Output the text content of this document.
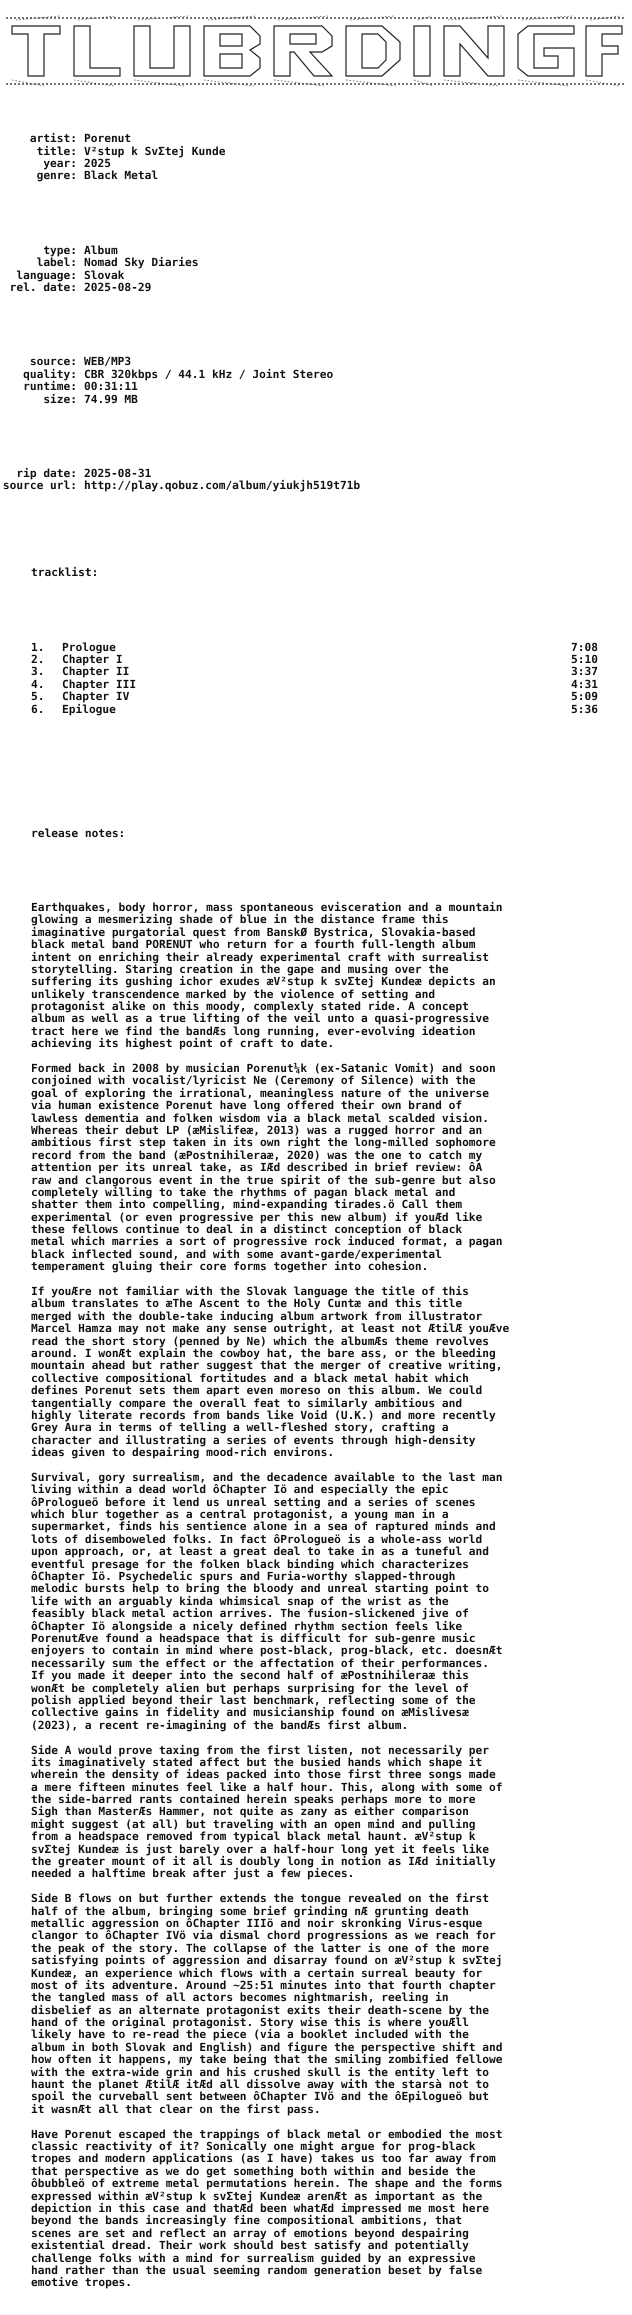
artist: Porenut
title: V²stup k SvΣtej Kunde
year: 2025
genre: Black Metal

type: Album
label: Nomad Sky Diaries
language: Slovak
rel. date: 2025-08-29

source: WEB/MP3
quality: CBR 320kbps / 44.1 kHz / Joint Stereo
runtime: 00:31:11
size: 74.99 MB

rip date: 2025-08-31
source url: http://play.qobuz.com/album/yiukjh519t71b

tracklist:

1. Prologue	7:08
2. Chapter I	5:10
3. Chapter II	3:37
4. Chapter III	4:31
5. Chapter IV	5:09
6. Epilogue	5:36

release notes:

Earthquakes, body horror, mass spontaneous evisceration and a mountain
glowing a mesmerizing shade of blue in the distance frame this
imaginative purgatorial quest from BanskØ Bystrica, Slovakia-based
black metal band PORENUT who return for a fourth full-length album
intent on enriching their already experimental craft with surrealist
storytelling. Staring creation in the gape and musing over the
suffering its gushing ichor exudes æV²stup k svΣtej Kundeæ depicts an
unlikely transcendence marked by the violence of setting and
protagonist alike on this moody, complexly stated ride. A concept
album as well as a true lifting of the veil unto a quasi-progressive
tract here we find the bandÆs long running, ever-evolving ideation
achieving its highest point of craft to date.
Formed back in 2008 by musician Porenut¼k (ex-Satanic Vomit) and soon
conjoined with vocalist/lyricist Ne (Ceremony of Silence) with the
goal of exploring the irrational, meaningless nature of the universe
via human existence Porenut have long offered their own brand of
lawless dementia and folken wisdom via a black metal scalded vision.
Whereas their debut LP (æMislifeæ, 2013) was a rugged horror and an
ambitious first step taken in its own right the long-milled sophomore
record from the band (æPostnihileraæ, 2020) was the one to catch my
attention per its unreal take, as IÆd described in brief review: ôA
raw and clangorous event in the true spirit of the sub-genre but also
completely willing to take the rhythms of pagan black metal and
shatter them into compelling, mind-expanding tirades.ö Call them
experimental (or even progressive per this new album) if youÆd like
these fellows continue to deal in a distinct conception of black
metal which marries a sort of progressive rock induced format, a pagan
black inflected sound, and with some avant-garde/experimental
temperament gluing their core forms together into cohesion.
If youÆre not familiar with the Slovak language the title of this
album translates to æThe Ascent to the Holy Cuntæ and this title
merged with the double-take inducing album artwork from illustrator
Marcel Hamza may not make any sense outright, at least not ÆtilÆ youÆve
read the short story (penned by Ne) which the albumÆs theme revolves
around. I wonÆt explain the cowboy hat, the bare ass, or the bleeding
mountain ahead but rather suggest that the merger of creative writing,
collective compositional fortitudes and a black metal habit which
defines Porenut sets them apart even moreso on this album. We could
tangentially compare the overall feat to similarly ambitious and
highly literate records from bands like Void (U.K.) and more recently
Grey Aura in terms of telling a well-fleshed story, crafting a
character and illustrating a series of events through high-density
ideas given to despairing mood-rich environs.
Survival, gory surrealism, and the decadence available to the last man
living within a dead world ôChapter Iö and especially the epic
ôPrologueö before it lend us unreal setting and a series of scenes
which blur together as a central protagonist, a young man in a
supermarket, finds his sentience alone in a sea of raptured minds and
lots of disemboweled folks. In fact ôPrologueö is a whole-ass world
upon approach, or, at least a great deal to take in as a tuneful and
eventful presage for the folken black binding which characterizes
ôChapter Iö. Psychedelic spurs and Furia-worthy slapped-through
melodic bursts help to bring the bloody and unreal starting point to
life with an arguably kinda whimsical snap of the wrist as the
feasibly black metal action arrives. The fusion-slickened jive of
ôChapter Iö alongside a nicely defined rhythm section feels like
PorenutÆve found a headspace that is difficult for sub-genre music
enjoyers to contain in mind where post-black, prog-black, etc. doesnÆt
necessarily sum the effect or the affectation of their performances.
If you made it deeper into the second half of æPostnihileraæ this
wonÆt be completely alien but perhaps surprising for the level of
polish applied beyond their last benchmark, reflecting some of the
collective gains in fidelity and musicianship found on æMislivesæ
(2023), a recent re-imagining of the bandÆs first album.
Side A would prove taxing from the first listen, not necessarily per
its imaginatively stated affect but the busied hands which shape it
wherein the density of ideas packed into those first three songs made
a mere fifteen minutes feel like a half hour. This, along with some of
the side-barred rants contained herein speaks perhaps more to more
Sigh than MasterÆs Hammer, not quite as zany as either comparison
might suggest (at all) but traveling with an open mind and pulling
from a headspace removed from typical black metal haunt. æV²stup k
svΣtej Kundeæ is just barely over a half-hour long yet it feels like
the greater mount of it all is doubly long in notion as IÆd initially
needed a halftime break after just a few pieces.
Side B flows on but further extends the tongue revealed on the first
half of the album, bringing some brief grinding nÆ grunting death
metallic aggression on ôChapter IIIö and noir skronking Virus-esque
clangor to ôChapter IVö via dismal chord progressions as we reach for
the peak of the story. The collapse of the latter is one of the more
satisfying points of aggression and disarray found on æV²stup k svΣtej
Kundeæ, an experience which flows with a certain surreal beauty for
most of its adventure. Around ~25:51 minutes into that fourth chapter
the tangled mass of all actors becomes nightmarish, reeling in
disbelief as an alternate protagonist exits their death-scene by the
hand of the original protagonist. Story wise this is where youÆll
likely have to re-read the piece (via a booklet included with the
album in both Slovak and English) and figure the perspective shift and
how often it happens, my take being that the smiling zombified fellowe
with the extra-wide grin and his crushed skull is the entity left to
haunt the planet ÆtilÆ itÆd all dissolve away with the starsà not to
spoil the curveball sent between ôChapter IVö and the ôEpilogueö but
it wasnÆt all that clear on the first pass.
Have Porenut escaped the trappings of black metal or embodied the most
classic reactivity of it? Sonically one might argue for prog-black
tropes and modern applications (as I have) takes us too far away from
that perspective as we do get something both within and beside the
ôbubbleö of extreme metal permutations herein. The shape and the forms
expressed within æV²stup k svΣtej Kundeæ arenÆt as important as the
depiction in this case and thatÆd been whatÆd impressed me most here
beyond the bands increasingly fine compositional ambitions, that
scenes are set and reflect an array of emotions beyond despairing
existential dread. Their work should best satisfy and potentially
challenge folks with a mind for surrealism guided by an expressive
hand rather than the usual seeming random generation beset by false
emotive tropes.
